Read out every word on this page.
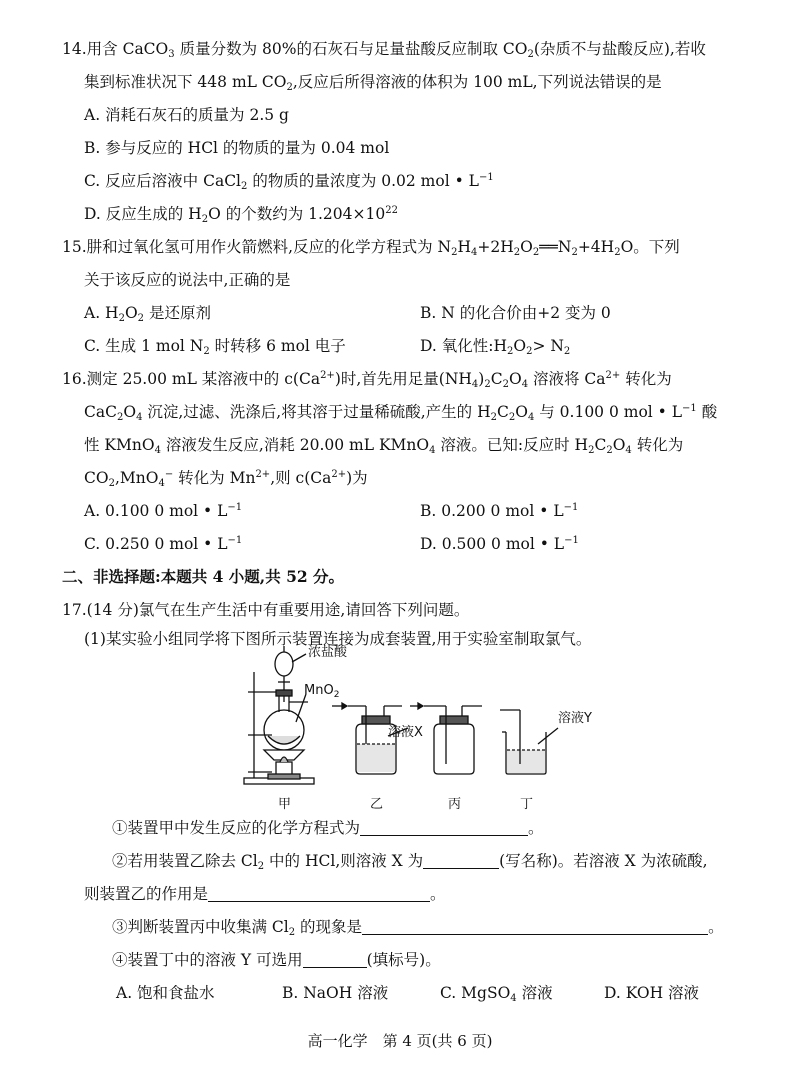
14.用含 CaCO$_3$ 质量分数为 80%的石灰石与足量盐酸反应制取 $CO_2$(杂质不与盐酸反应),若收
集到标准状况下 448 mL $CO_2$,反应后所得溶液的体积为 100 mL,下列说法错误的是
A. 消耗石灰石的质量为 2.5 g
B. 参与反应的 HCl 的物质的量为 0.04 mol
C. 反应后溶液中 CaCl$_2$ 的物质的量浓度为 0.02 mol • $L^{-1}$
D. 反应生成的 $H_2O$ 的个数约为 $1.204\times 10^{22}$
15.肼和过氧化氢可用作火箭燃料,反应的化学方程式为 $N_2H_4+2H_2O_2══N_2+4H_2O$。下列
关于该反应的说法中,正确的是
A. $H_2O_2$ 是还原剂	B. N 的化合价由+2 变为 0
C. 生成 1 mol $N_2$ 时转移 6 mol 电子	D. 氧化性$:H_2O_2> N_2$
16.测定 25.00 mL 某溶液中的 $c(Ca^{2+})$时,首先用足量$(NH_4)_2C_2O_4$ 溶液将 $Ca^{2+}$ 转化为
$CaC_2O_4$ 沉淀,过滤、洗涤后,将其溶于过量稀硫酸,产生的 $H_2C_2O_4$ 与 0.100 0 mol • $L^{-1}$ 酸
性 KMnO$_4$ 溶液发生反应,消耗 20.00 mL KMnO$_4$ 溶液。已知:反应时 $H_2C_2O_4$ 转化为
$CO_2,MnO_4^-$ 转化为 $Mn^{2+}$,则 $c(Ca^{2+})$为
A. 0.100 0 mol • $L^{-1}$	B. 0.200 0 mol • $L^{-1}$
C. 0.250 0 mol • $L^{-1}$	D. 0.500 0 mol • $L^{-1}$
二、非选择题:本题共 4 小题,共 52 分。
17.(14 分)氯气在生产生活中有重要用途,请回答下列问题。
(1)某实验小组同学将下图所示装置连接为成套装置,用于实验室制取氯气。
浓盐酸
MnO$_2$
溶液X
溶液Y
甲	乙	丙	丁
①装置甲中发生反应的化学方程式为	。
②若用装置乙除去 $Cl_2$ 中的 HCl,则溶液 X 为	(写名称)。若溶液 X 为浓硫酸,
则装置乙的作用是	。
③判断装置丙中收集满 $Cl_2$ 的现象是	。
④装置丁中的溶液 Y 可选用	(填标号)。
A. 饱和食盐水	B. NaOH 溶液	C. MgSO$_4$ 溶液	D. KOH 溶液
高一化学　第 4 页(共 6 页)
